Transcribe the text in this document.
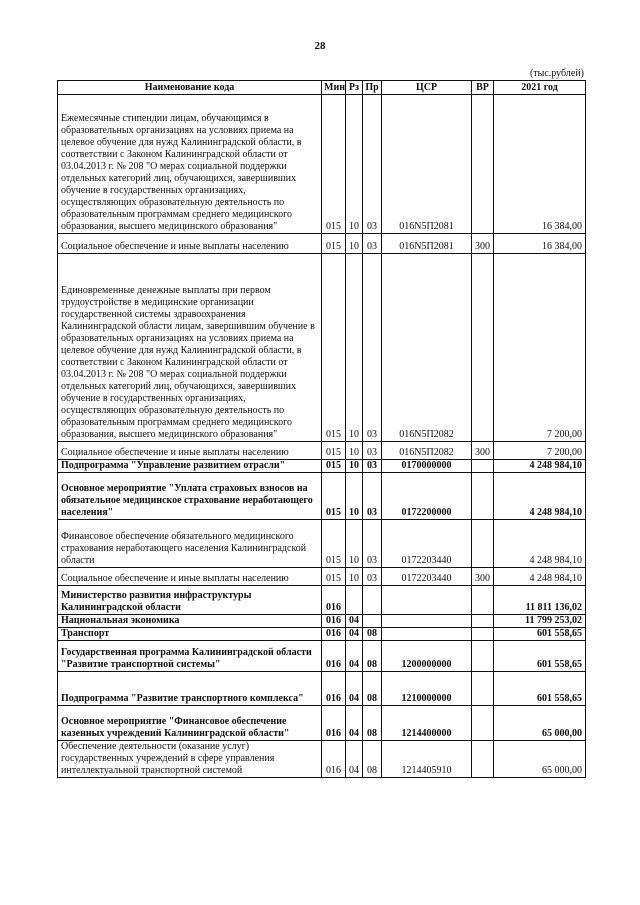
28
(тыс.рублей)
Наименование кода	Мин	Рз	Пр	ЦСР	ВР	2021 год
Ежемесячные стипендии лицам, обучающимся в образовательных организациях на условиях приема на целевое обучение для нужд Калининградской области, в соответствии с Законом Калининградской области от 03.04.2013 г. № 208 "О мерах социальной поддержки отдельных категорий лиц, обучающихся, завершивших обучение в государственных организациях, осуществляющих образовательную деятельность по образовательным программам среднего медицинского образования, высшего медицинского образования"	015	10	03	016N5П2081		16 384,00
Социальное обеспечение и иные выплаты населению	015	10	03	016N5П2081	300	16 384,00
Единовременные денежные выплаты при первом трудоустройстве в медицинские организации государственной системы здравоохранения Калининградской области лицам, завершившим обучение в образовательных организациях на условиях приема на целевое обучение для нужд Калининградской области, в соответствии с Законом Калининградской области от 03.04.2013 г. № 208 "О мерах социальной поддержки отдельных категорий лиц, обучающихся, завершивших обучение в государственных организациях, осуществляющих образовательную деятельность по образовательным программам среднего медицинского образования, высшего медицинского образования"	015	10	03	016N5П2082		7 200,00
Социальное обеспечение и иные выплаты населению	015	10	03	016N5П2082	300	7 200,00
Подпрограмма "Управление развитием отрасли"	015	10	03	0170000000		4 248 984,10
Основное мероприятие "Уплата страховых взносов на обязательное медицинское страхование неработающего населения"	015	10	03	0172200000		4 248 984,10
Финансовое обеспечение обязательного медицинского страхования неработающего населения Калининградской области	015	10	03	0172203440		4 248 984,10
Социальное обеспечение и иные выплаты населению	015	10	03	0172203440	300	4 248 984,10
Министерство развития инфраструктуры Калининградской области	016					11 811 136,02
Национальная экономика	016	04				11 799 253,02
Транспорт	016	04	08			601 558,65
Государственная программа Калининградской области "Развитие транспортной системы"	016	04	08	1200000000		601 558,65
Подпрограмма "Развитие транспортного комплекса"	016	04	08	1210000000		601 558,65
Основное мероприятие "Финансовое обеспечение казенных учреждений Калининградской области"	016	04	08	1214400000		65 000,00
Обеспечение деятельности (оказание услуг) государственных учреждений в сфере управления интеллектуальной транспортной системой	016	04	08	1214405910		65 000,00
